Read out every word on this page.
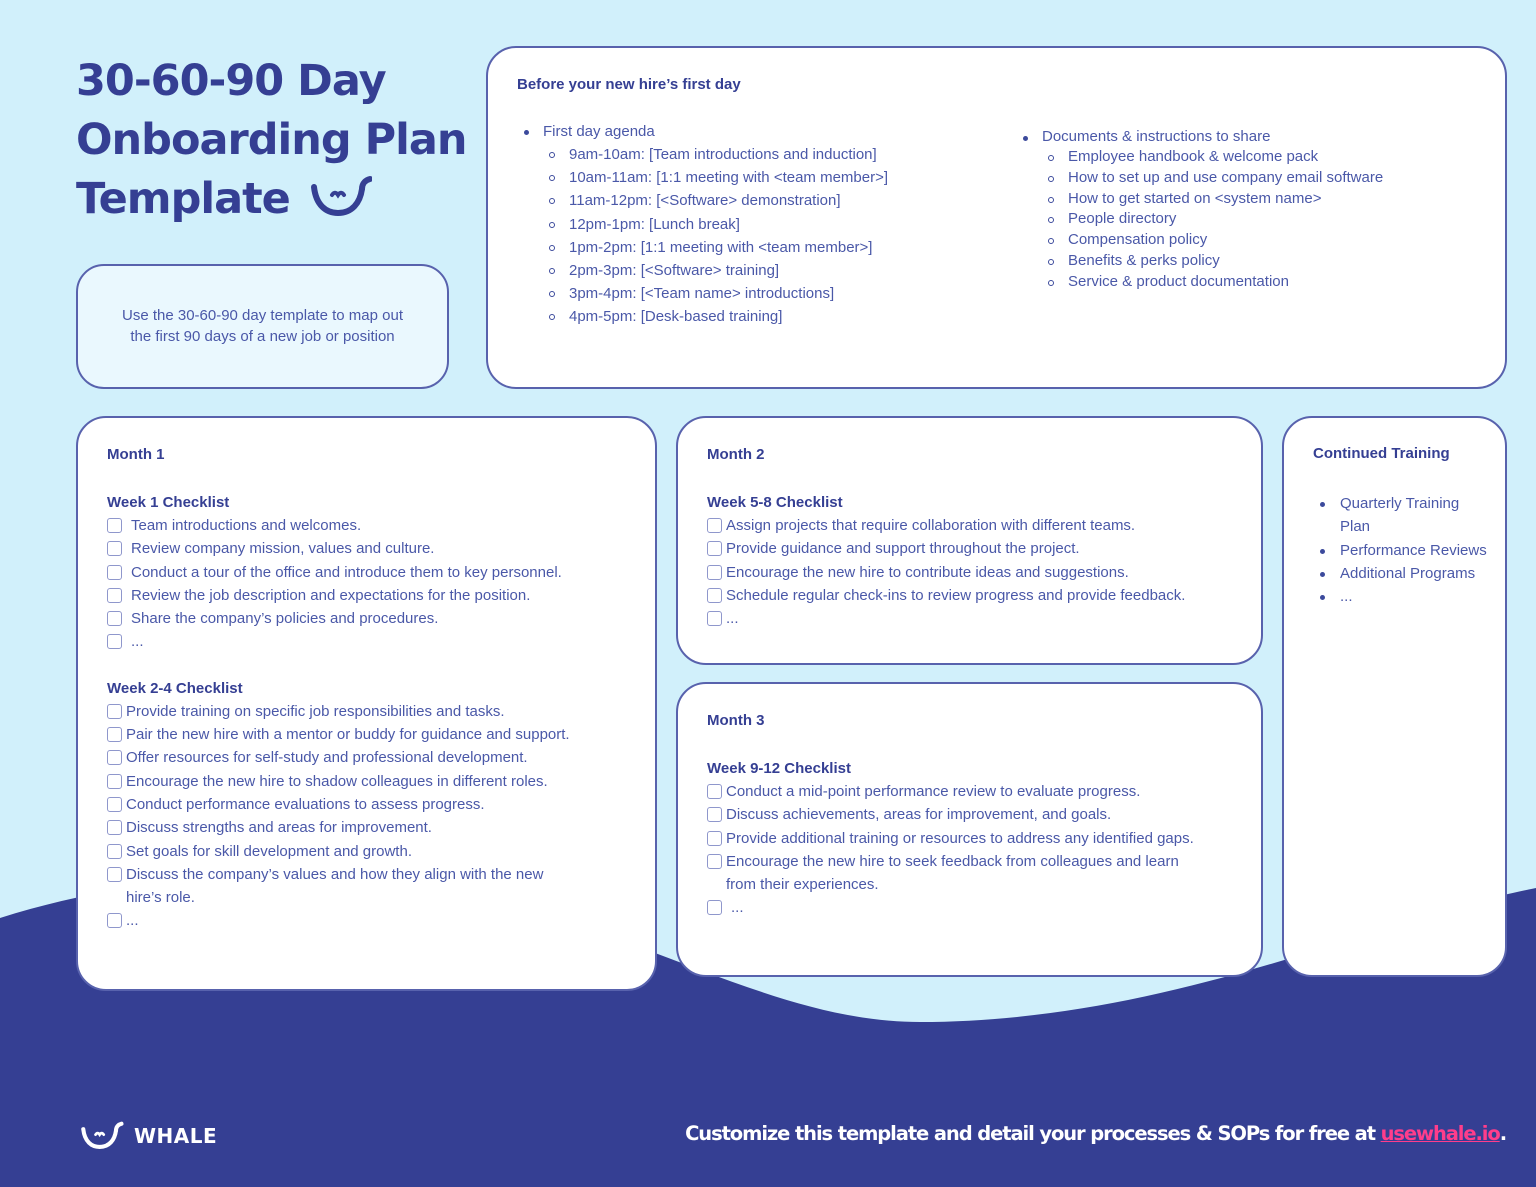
30-60-90 Day
Onboarding Plan
Template

Use the 30-60-90 day template to map out the first 90 days of a new job or position

Before your new hire’s first day
First day agenda
9am-10am: [Team introductions and induction]
10am-11am: [1:1 meeting with <team member>]
11am-12pm: [<Software> demonstration]
12pm-1pm: [Lunch break]
1pm-2pm: [1:1 meeting with <team member>]
2pm-3pm: [<Software> training]
3pm-4pm: [<Team name> introductions]
4pm-5pm: [Desk-based training]
Documents & instructions to share
Employee handbook & welcome pack
How to set up and use company email software
How to get started on <system name>
People directory
Compensation policy
Benefits & perks policy
Service & product documentation
Month 1
Week 1 Checklist
Team introductions and welcomes.
Review company mission, values and culture.
Conduct a tour of the office and introduce them to key personnel.
Review the job description and expectations for the position.
Share the company’s policies and procedures.
...
Week 2-4 Checklist
Provide training on specific job responsibilities and tasks.
Pair the new hire with a mentor or buddy for guidance and support.
Offer resources for self-study and professional development.
Encourage the new hire to shadow colleagues in different roles.
Conduct performance evaluations to assess progress.
Discuss strengths and areas for improvement.
Set goals for skill development and growth.
Discuss the company’s values and how they align with the new hire’s role.
...
Month 2
Week 5-8 Checklist
Assign projects that require collaboration with different teams.
Provide guidance and support throughout the project.
Encourage the new hire to contribute ideas and suggestions.
Schedule regular check-ins to review progress and provide feedback.
...
Month 3
Week 9-12 Checklist
Conduct a mid-point performance review to evaluate progress.
Discuss achievements, areas for improvement, and goals.
Provide additional training or resources to address any identified gaps.
Encourage the new hire to seek feedback from colleagues and learn from their experiences.
...
Continued Training
Quarterly Training Plan
Performance Reviews
Additional Programs
...
WHALE	Customize this template and detail your processes & SOPs for free at usewhale.io.
